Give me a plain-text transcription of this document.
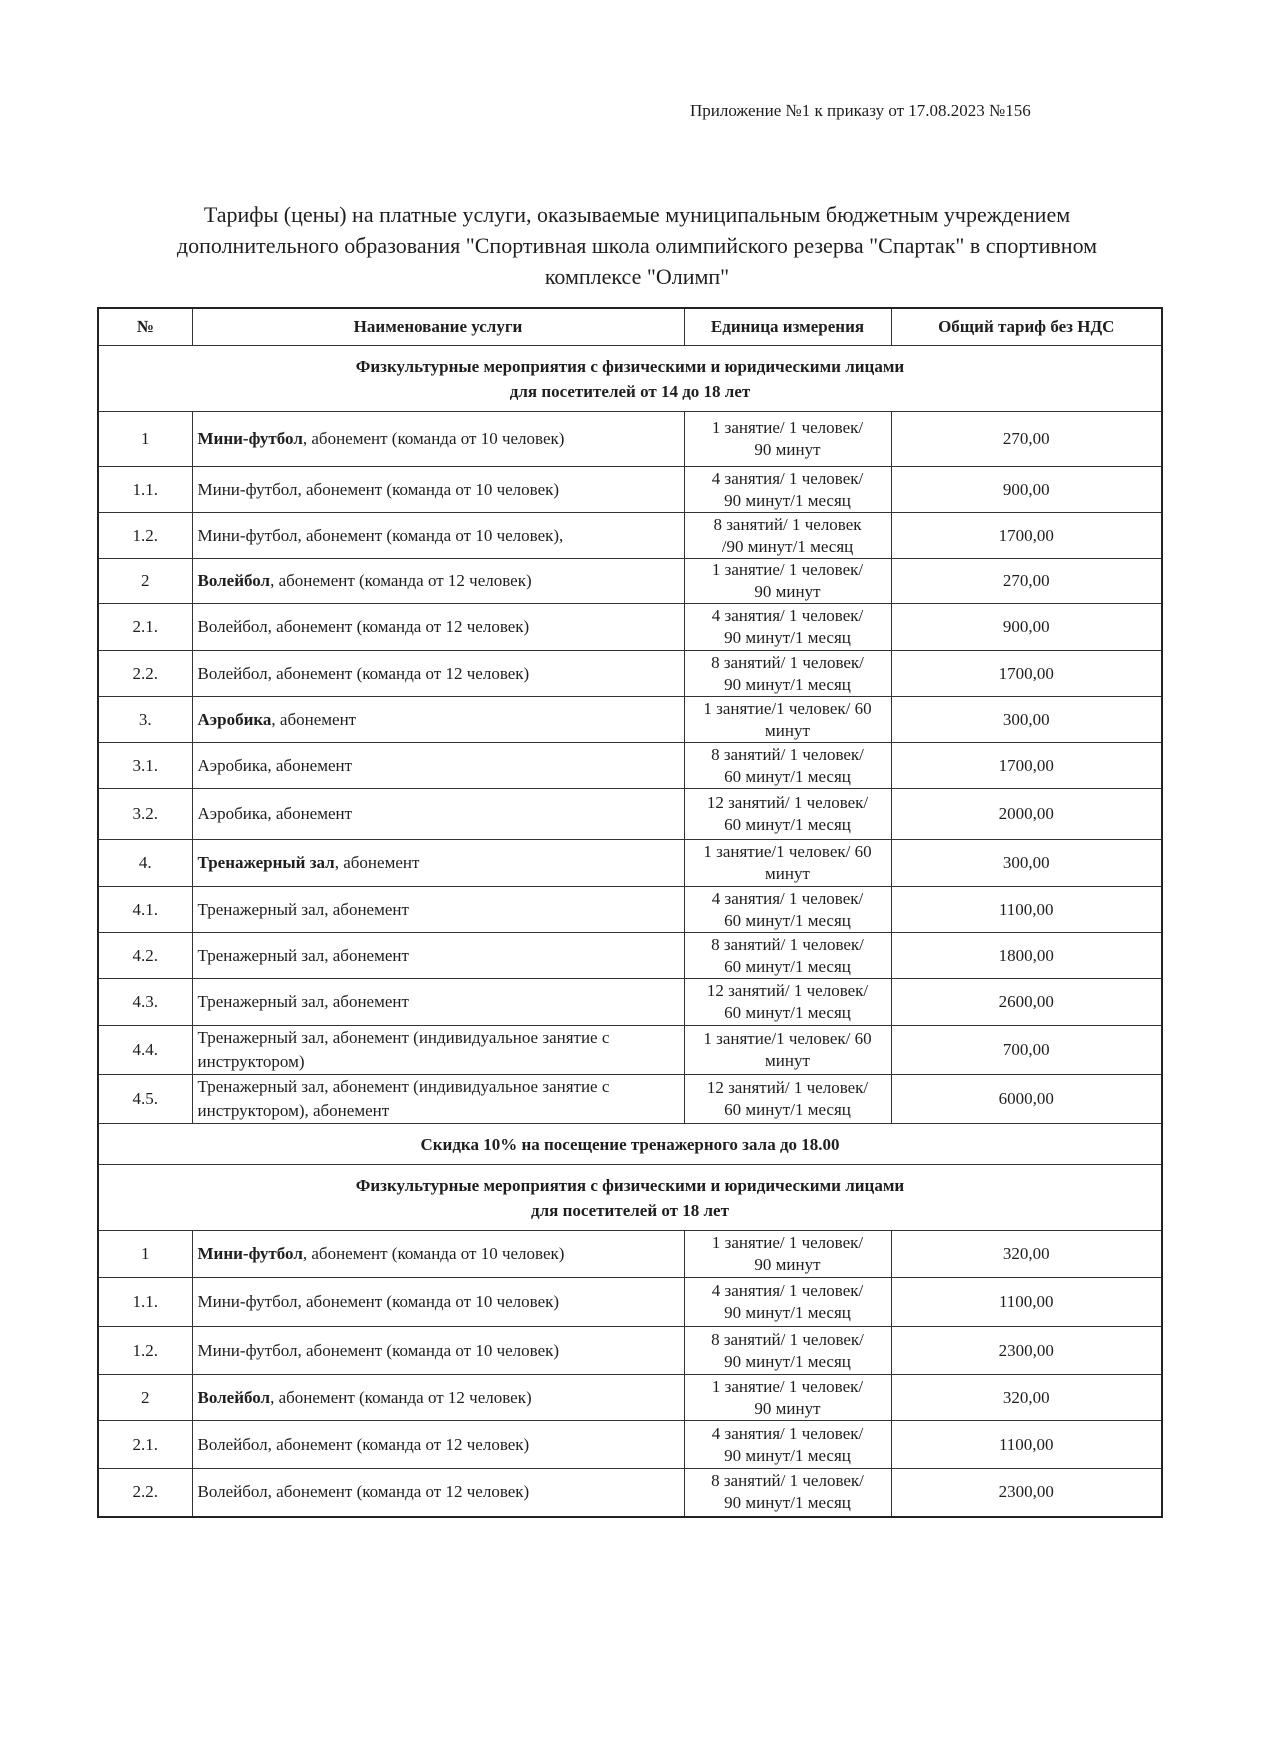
Приложение №1 к приказу от 17.08.2023 №156
Тарифы (цены) на платные услуги, оказываемые муниципальным бюджетным учреждением
дополнительного образования "Спортивная школа олимпийского резерва "Спартак" в спортивном
комплексе "Олимп"
№	Наименование услуги	Единица измерения	Общий тариф без НДС

Физкультурные мероприятия с физическими и юридическими лицами
для посетителей от 14 до 18 лет			

1	Мини-футбол, абонемент (команда от 10 человек)	1 занятие/ 1 человек/
90 минут	270,00
1.1.	Мини-футбол, абонемент (команда от 10 человек)	4 занятия/ 1 человек/
90 минут/1 месяц	900,00
1.2.	Мини-футбол, абонемент (команда от 10 человек),	8 занятий/ 1 человек
/90 минут/1 месяц	1700,00
2	Волейбол, абонемент (команда от 12 человек)	1 занятие/ 1 человек/
90 минут	270,00
2.1.	Волейбол, абонемент (команда от 12 человек)	4 занятия/ 1 человек/
90 минут/1 месяц	900,00
2.2.	Волейбол, абонемент (команда от 12 человек)	8 занятий/ 1 человек/
90 минут/1 месяц	1700,00
3.	Аэробика, абонемент	1 занятие/1 человек/ 60
минут	300,00
3.1.	Аэробика, абонемент	8 занятий/ 1 человек/
60 минут/1 месяц	1700,00
3.2.	Аэробика, абонемент	12 занятий/ 1 человек/
60 минут/1 месяц	2000,00
4.	Тренажерный зал, абонемент	1 занятие/1 человек/ 60
минут	300,00
4.1.	Тренажерный зал, абонемент	4 занятия/ 1 человек/
60 минут/1 месяц	1100,00
4.2.	Тренажерный зал, абонемент	8 занятий/ 1 человек/
60 минут/1 месяц	1800,00
4.3.	Тренажерный зал, абонемент	12 занятий/ 1 человек/
60 минут/1 месяц	2600,00
4.4.	Тренажерный зал, абонемент (индивидуальное занятие с инструктором)	1 занятие/1 человек/ 60
минут	700,00
4.5.	Тренажерный зал, абонемент (индивидуальное занятие с инструктором), абонемент	12 занятий/ 1 человек/
60 минут/1 месяц	6000,00
Скидка 10% на посещение тренажерного зала до 18.00			

Физкультурные мероприятия с физическими и юридическими лицами
для посетителей от 18 лет			

1	Мини-футбол, абонемент (команда от 10 человек)	1 занятие/ 1 человек/
90 минут	320,00
1.1.	Мини-футбол, абонемент (команда от 10 человек)	4 занятия/ 1 человек/
90 минут/1 месяц	1100,00
1.2.	Мини-футбол, абонемент (команда от 10 человек)	8 занятий/ 1 человек/
90 минут/1 месяц	2300,00
2	Волейбол, абонемент (команда от 12 человек)	1 занятие/ 1 человек/
90 минут	320,00
2.1.	Волейбол, абонемент (команда от 12 человек)	4 занятия/ 1 человек/
90 минут/1 месяц	1100,00
2.2.	Волейбол, абонемент (команда от 12 человек)	8 занятий/ 1 человек/
90 минут/1 месяц	2300,00
